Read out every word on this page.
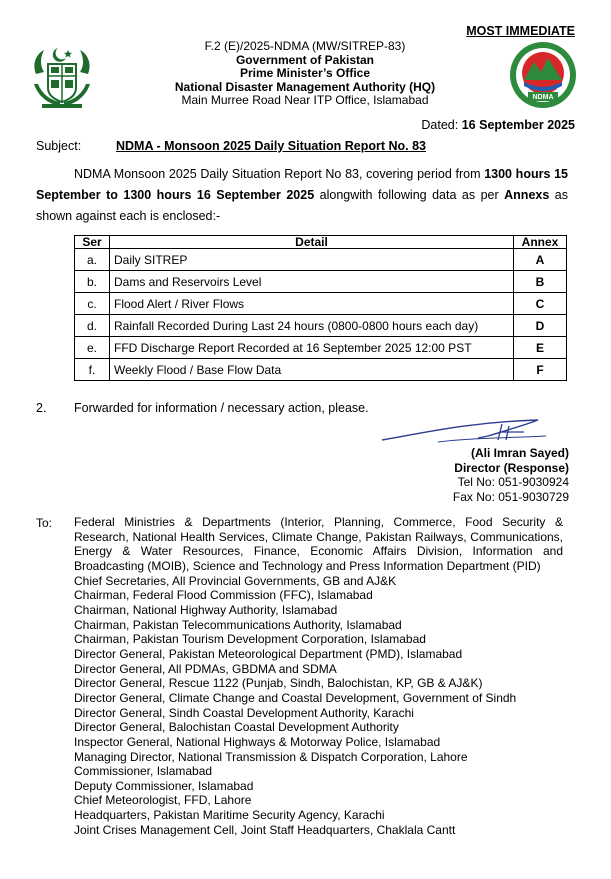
NDMA
MOST IMMEDIATE
F.2 (E)/2025-NDMA (MW/SITREP-83)
Government of Pakistan
Prime Minister’s Office
National Disaster Management Authority (HQ)
Main Murree Road Near ITP Office, Islamabad
Dated: 16 September 2025
Subject:	NDMA - Monsoon 2025 Daily Situation Report No. 83
NDMA Monsoon 2025 Daily Situation Report No 83, covering period from 1300 hours 15 September to 1300 hours 16 September 2025 alongwith following data as per Annexs as shown against each is enclosed:-
Ser	Detail	Annex
a.	Daily SITREP	A
b.	Dams and Reservoirs Level	B
c.	Flood Alert / River Flows	C
d.	Rainfall Recorded During Last 24 hours (0800-0800 hours each day)	D
e.	FFD Discharge Report Recorded at 16 September 2025 12:00 PST	E
f.	Weekly Flood / Base Flow Data	F
2. Forwarded for information / necessary action, please.
(Ali Imran Sayed)
Director (Response)
Tel No: 051-9030924
Fax No: 051-9030729
To: Federal Ministries & Departments (Interior, Planning, Commerce, Food Security & Research, National Health Services, Climate Change, Pakistan Railways, Communications, Energy & Water Resources, Finance, Economic Affairs Division, Information and Broadcasting (MOIB), Science and Technology and Press Information Department (PID)
Chief Secretaries, All Provincial Governments, GB and AJ&K
Chairman, Federal Flood Commission (FFC), Islamabad
Chairman, National Highway Authority, Islamabad
Chairman, Pakistan Telecommunications Authority, Islamabad
Chairman, Pakistan Tourism Development Corporation, Islamabad
Director General, Pakistan Meteorological Department (PMD), Islamabad
Director General, All PDMAs, GBDMA and SDMA
Director General, Rescue 1122 (Punjab, Sindh, Balochistan, KP, GB & AJ&K)
Director General, Climate Change and Coastal Development, Government of Sindh
Director General, Sindh Coastal Development Authority, Karachi
Director General, Balochistan Coastal Development Authority
Inspector General, National Highways & Motorway Police, Islamabad
Managing Director, National Transmission & Dispatch Corporation, Lahore
Commissioner, Islamabad
Deputy Commissioner, Islamabad
Chief Meteorologist, FFD, Lahore
Headquarters, Pakistan Maritime Security Agency, Karachi
Joint Crises Management Cell, Joint Staff Headquarters, Chaklala Cantt
